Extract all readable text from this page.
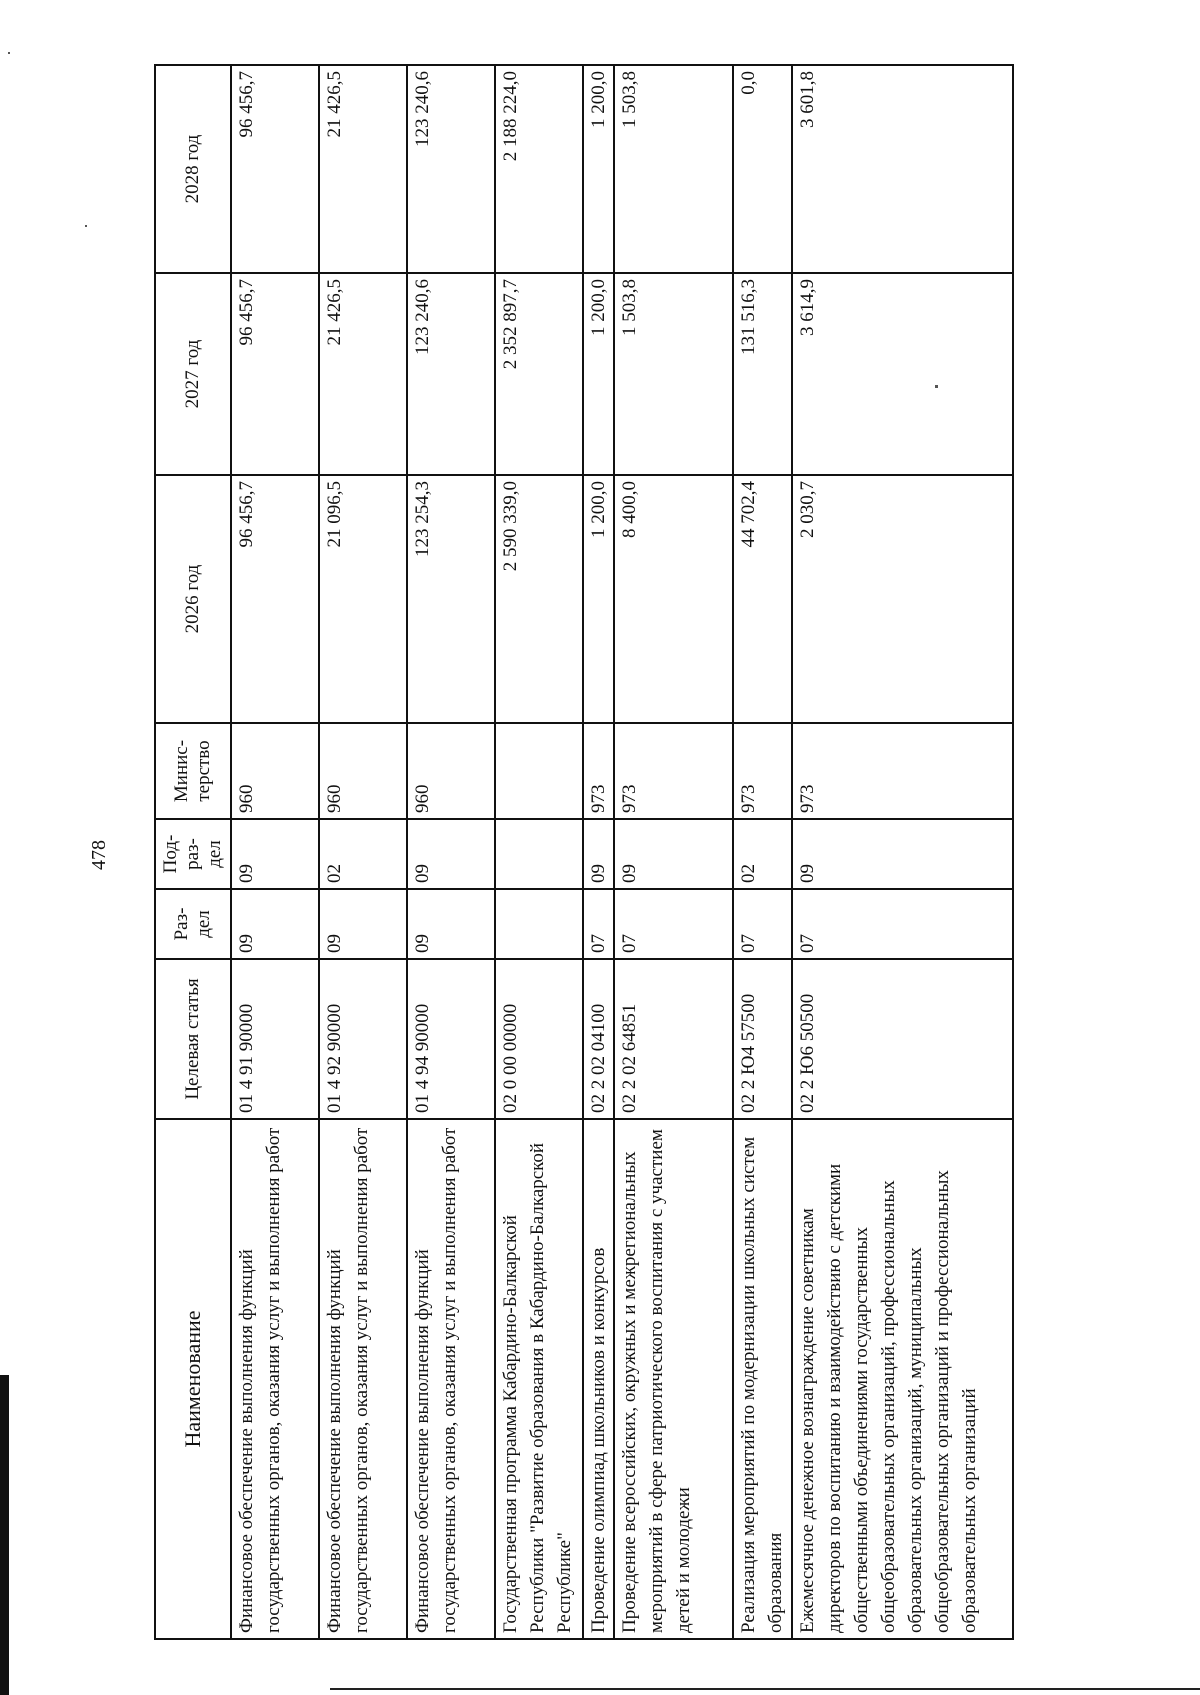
478
Наименование	Целевая статья	Раз-дел	Под-раз-дел	Минис-терство	2026 год	2027 год	2028 год
Финансовое обеспечение выполнения функций государственных органов, оказания услуг и выполнения работ	01 4 91 90000	09	09	960	96 456,7	96 456,7	96 456,7
Финансовое обеспечение выполнения функций государственных органов, оказания услуг и выполнения работ	01 4 92 90000	09	02	960	21 096,5	21 426,5	21 426,5
Финансовое обеспечение выполнения функций государственных органов, оказания услуг и выполнения работ	01 4 94 90000	09	09	960	123 254,3	123 240,6	123 240,6
Государственная программа Кабардино-Балкарской Республики "Развитие образования в Кабардино-Балкарской Республике"	02 0 00 00000				2 590 339,0	2 352 897,7	2 188 224,0
Проведение олимпиад школьников и конкурсов	02 2 02 04100	07	09	973	1 200,0	1 200,0	1 200,0
Проведение всероссийских, окружных и межрегиональных мероприятий в сфере патриотического воспитания с участием детей и молодежи	02 2 02 64851	07	09	973	8 400,0	1 503,8	1 503,8
Реализация мероприятий по модернизации школьных систем образования	02 2 Ю4 57500	07	02	973	44 702,4	131 516,3	0,0
Ежемесячное денежное вознаграждение советникам директоров по воспитанию и взаимодействию с детскими общественными объединениями государственных общеобразовательных организаций, профессиональных образовательных организаций, муниципальных общеобразовательных организаций и профессиональных образовательных организаций	02 2 Ю6 50500	07	09	973	2 030,7	3 614,9	3 601,8
